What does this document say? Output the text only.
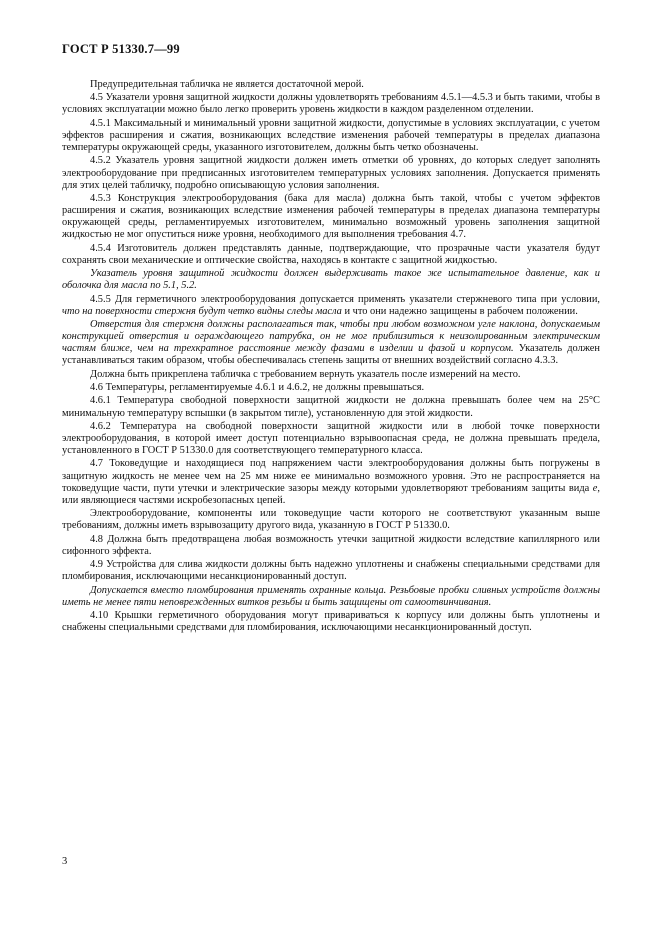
ГОСТ Р 51330.7—99

Предупредительная табличка не является достаточной мерой.

4.5 Указатели уровня защитной жидкости должны удовлетворять требованиям 4.5.1—4.5.3 и быть такими, чтобы в условиях эксплуатации можно было легко проверить уровень жидкости в каждом разделенном отделении.

4.5.1 Максимальный и минимальный уровни защитной жидкости, допустимые в условиях эксплуатации, с учетом эффектов расширения и сжатия, возникающих вследствие изменения рабочей температуры в пределах диапазона температуры окружающей среды, указанного изготовителем, должны быть четко обозначены.

4.5.2 Указатель уровня защитной жидкости должен иметь отметки об уровнях, до которых следует заполнять электрооборудование при предписанных изготовителем температурных условиях заполнения. Допускается применять для этих целей табличку, подробно описывающую условия заполнения.

4.5.3 Конструкция электрооборудования (бака для масла) должна быть такой, чтобы с учетом эффектов расширения и сжатия, возникающих вследствие изменения рабочей температуры в пределах диапазона температуры окружающей среды, регламентируемых изготовителем, минимально возможный уровень заполнения защитной жидкостью не мог опуститься ниже уровня, необходимого для выполнения требования 4.7.

4.5.4 Изготовитель должен представлять данные, подтверждающие, что прозрачные части указателя будут сохранять свои механические и оптические свойства, находясь в контакте с защитной жидкостью.

Указатель уровня защитной жидкости должен выдерживать такое же испытательное давление, как и оболочка для масла по 5.1, 5.2.

4.5.5 Для герметичного электрооборудования допускается применять указатели стержневого типа при условии, что на поверхности стержня будут четко видны следы масла и что они надежно защищены в рабочем положении.

Отверстия для стержня должны располагаться так, чтобы при любом возможном угле наклона, допускаемым конструкцией отверстия и ограждающего патрубка, он не мог приблизиться к неизолированным электрическим частям ближе, чем на трехкратное расстояние между фазами в изделии и фазой и корпусом. Указатель должен устанавливаться таким образом, чтобы обеспечивалась степень защиты от внешних воздействий согласно 4.3.3.

Должна быть прикреплена табличка с требованием вернуть указатель после измерений на место.

4.6 Температуры, регламентируемые 4.6.1 и 4.6.2, не должны превышаться.

4.6.1 Температура свободной поверхности защитной жидкости не должна превышать более чем на 25°С минимальную температуру вспышки (в закрытом тигле), установленную для этой жидкости.

4.6.2 Температура на свободной поверхности защитной жидкости или в любой точке поверхности электрооборудования, в которой имеет доступ потенциально взрывоопасная среда, не должна превышать предела, установленного в ГОСТ Р 51330.0 для соответствующего температурного класса.

4.7 Токоведущие и находящиеся под напряжением части электрооборудования должны быть погружены в защитную жидкость не менее чем на 25 мм ниже ее минимально возможного уровня. Это не распространяется на токоведущие части, пути утечки и электрические зазоры между которыми удовлетворяют требованиям защиты вида е, или являющиеся частями искробезопасных цепей.

Электрооборудование, компоненты или токоведущие части которого не соответствуют указанным выше требованиям, должны иметь взрывозащиту другого вида, указанную в ГОСТ Р 51330.0.

4.8 Должна быть предотвращена любая возможность утечки защитной жидкости вследствие капиллярного или сифонного эффекта.

4.9 Устройства для слива жидкости должны быть надежно уплотнены и снабжены специальными средствами для пломбирования, исключающими несанкционированный доступ.

Допускается вместо пломбирования применять охранные кольца. Резьбовые пробки сливных устройств должны иметь не менее пяти неповрежденных витков резьбы и быть защищены от самоотвинчивания.

4.10 Крышки герметичного оборудования могут привариваться к корпусу или должны быть уплотнены и снабжены специальными средствами для пломбирования, исключающими несанкционированный доступ.

3
